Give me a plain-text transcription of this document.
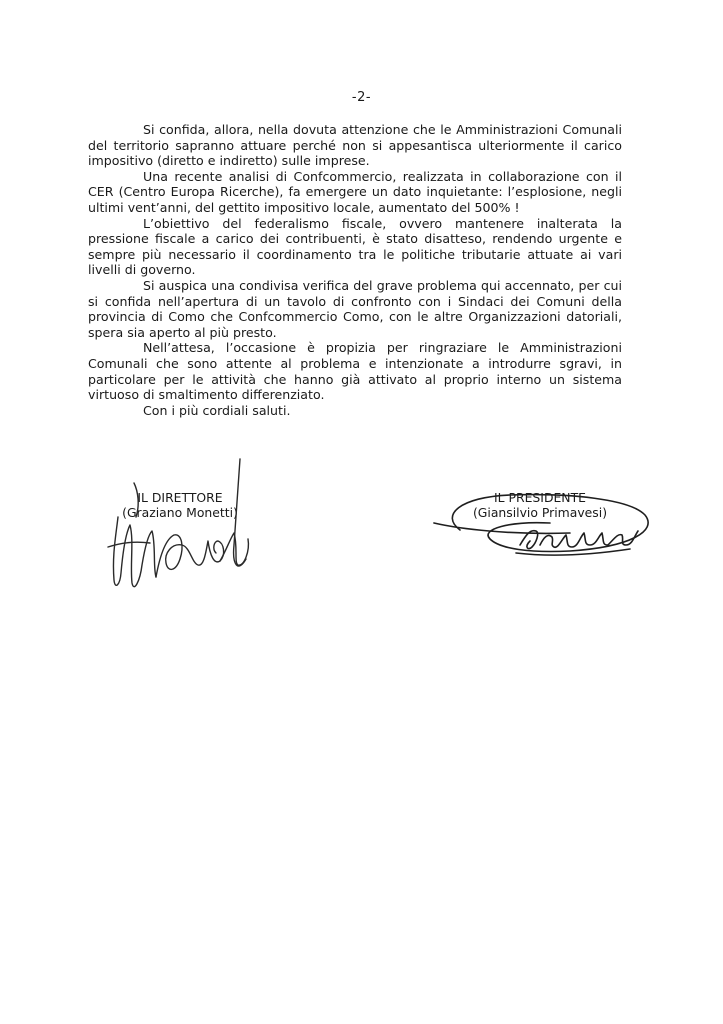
-2-

Si confida, allora, nella dovuta attenzione che le Amministrazioni Comunali del territorio sapranno attuare perché non si appesantisca ulteriormente il carico impositivo (diretto e indiretto) sulle imprese.

Una recente analisi di Confcommercio, realizzata in collaborazione con il CER (Centro Europa Ricerche), fa emergere un dato inquietante: l’esplosione, negli ultimi vent’anni, del gettito impositivo locale, aumentato del 500% !

L’obiettivo del federalismo fiscale, ovvero mantenere inalterata la pressione fiscale a carico dei contribuenti, è stato disatteso, rendendo urgente e sempre più necessario il coordinamento tra le politiche tributarie attuate ai vari livelli di governo.

Si auspica una condivisa verifica del grave problema qui accennato, per cui si confida nell’apertura di un tavolo di confronto con i Sindaci dei Comuni della provincia di Como che Confcommercio Como, con le altre Organizzazioni datoriali, spera sia aperto al più presto.

Nell’attesa, l’occasione è propizia per ringraziare le Amministrazioni Comunali che sono attente al problema e intenzionate a introdurre sgravi, in particolare per le attività che hanno già attivato al proprio interno un sistema virtuoso di smaltimento differenziato.

Con i più cordiali saluti.

IL DIRETTORE
(Graziano Monetti)
IL PRESIDENTE
(Giansilvio Primavesi)
